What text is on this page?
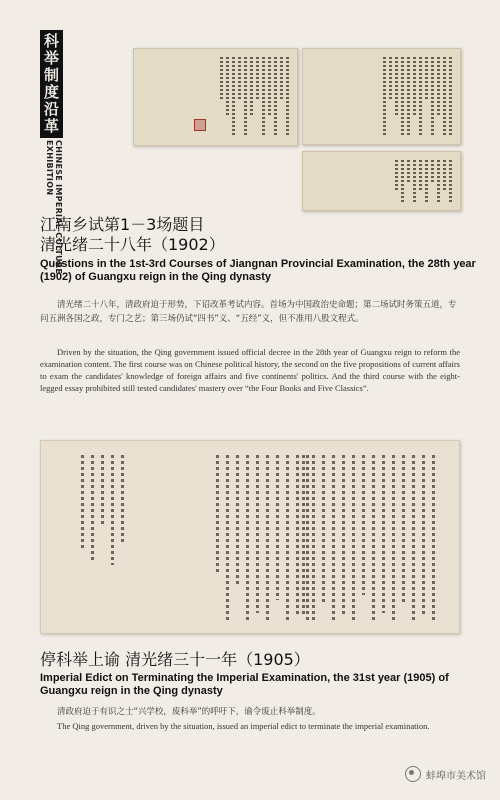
科举制度沿革
CHINESE IMPERIAL CULTURE
EXHIBITION
江南乡试第1－3场题目
清光绪二十八年（1902）
Questions in the 1st-3rd Courses of Jiangnan Provincial Examination, the 28th year (1902) of Guangxu reign in the Qing dynasty
清光绪二十八年，清政府迫于形势，下诏改革考试内容。首场为中国政治史命题；第二场试时务策五道，专问五洲各国之政，专门之艺；第三场仍试“四书”义、“五经”义，但不准用八股文程式。
Driven by the situation, the Qing government issued official decree in the 28th year of Guangxu reign to reform the examination content. The first course was on Chinese political history, the second on the five propositions of current affairs to exam the candidates' knowledge of foreign affairs and five continents' politics. And the third course with the eight-legged essay prohibited still tested candidates' mastery over “the Four Books and Five Classics”.
停科举上谕 清光绪三十一年（1905）
Imperial Edict on Terminating the Imperial Examination, the 31st year (1905) of Guangxu reign in the Qing dynasty
清政府迫于有识之士“兴学校，废科举”的呼吁下，谕令废止科举制度。
The Qing government, driven by the situation, issued an imperial edict to terminate the imperial examination.
蚌埠市美术馆
